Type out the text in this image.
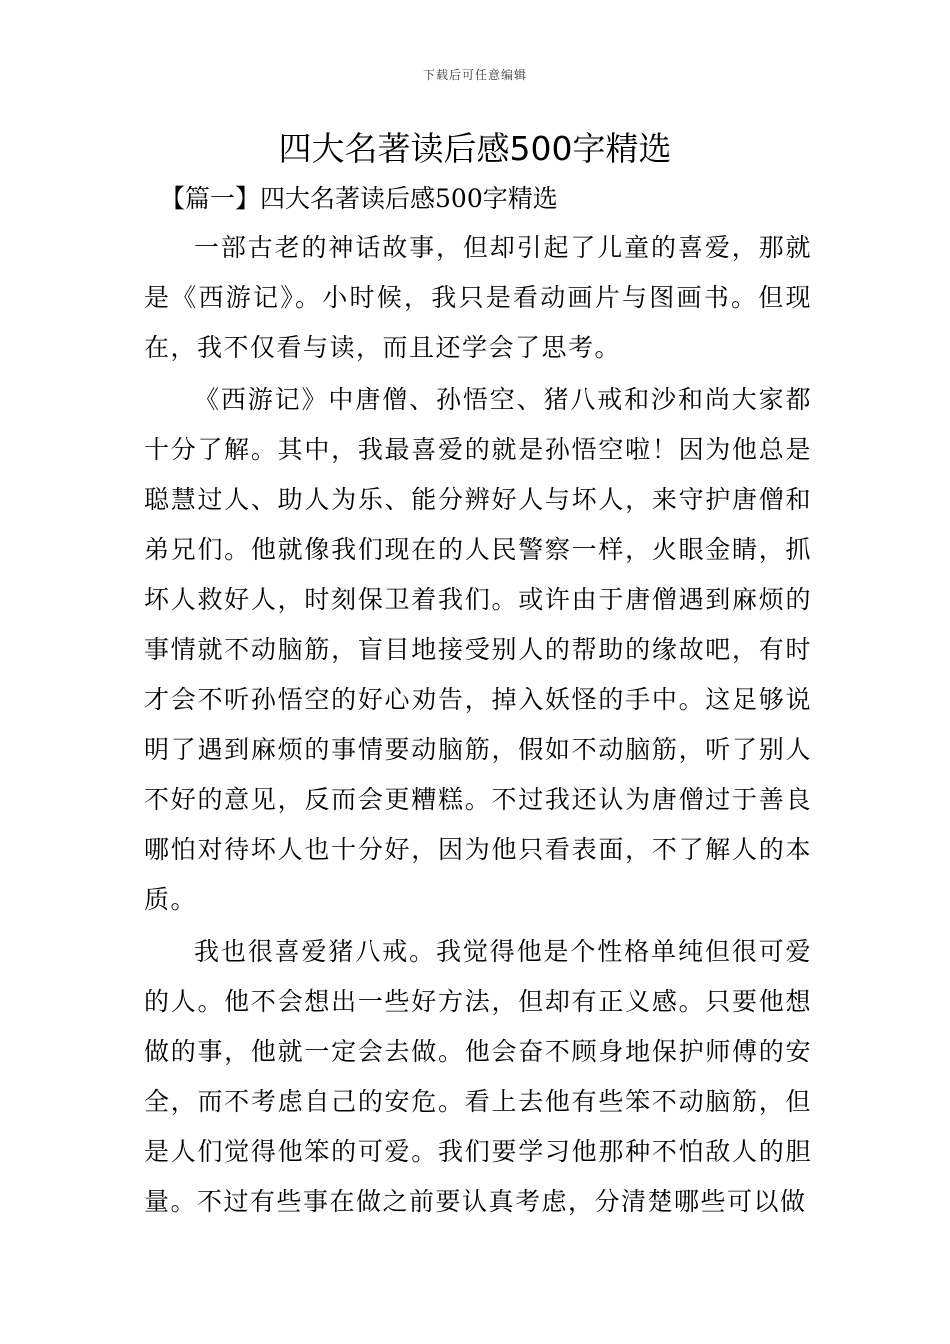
下载后可任意编辑
四大名著读后感500字精选
【篇一】四大名著读后感500字精选

一部古老的神话故事，但却引起了儿童的喜爱，那就是《西游记》。小时候，我只是看动画片与图画书。但现在，我不仅看与读，而且还学会了思考。

《西游记》中唐僧、孙悟空、猪八戒和沙和尚大家都十分了解。其中，我最喜爱的就是孙悟空啦！因为他总是聪慧过人、助人为乐、能分辨好人与坏人，来守护唐僧和弟兄们。他就像我们现在的人民警察一样，火眼金睛，抓坏人救好人，时刻保卫着我们。或许由于唐僧遇到麻烦的事情就不动脑筋，盲目地接受别人的帮助的缘故吧，有时才会不听孙悟空的好心劝告，掉入妖怪的手中。这足够说明了遇到麻烦的事情要动脑筋，假如不动脑筋，听了别人不好的意见，反而会更糟糕。不过我还认为唐僧过于善良哪怕对待坏人也十分好，因为他只看表面，不了解人的本质。

我也很喜爱猪八戒。我觉得他是个性格单纯但很可爱的人。他不会想出一些好方法，但却有正义感。只要他想做的事，他就一定会去做。他会奋不顾身地保护师傅的安全，而不考虑自己的安危。看上去他有些笨不动脑筋，但是人们觉得他笨的可爱。我们要学习他那种不怕敌人的胆量。不过有些事在做之前要认真考虑，分清楚哪些可以做
